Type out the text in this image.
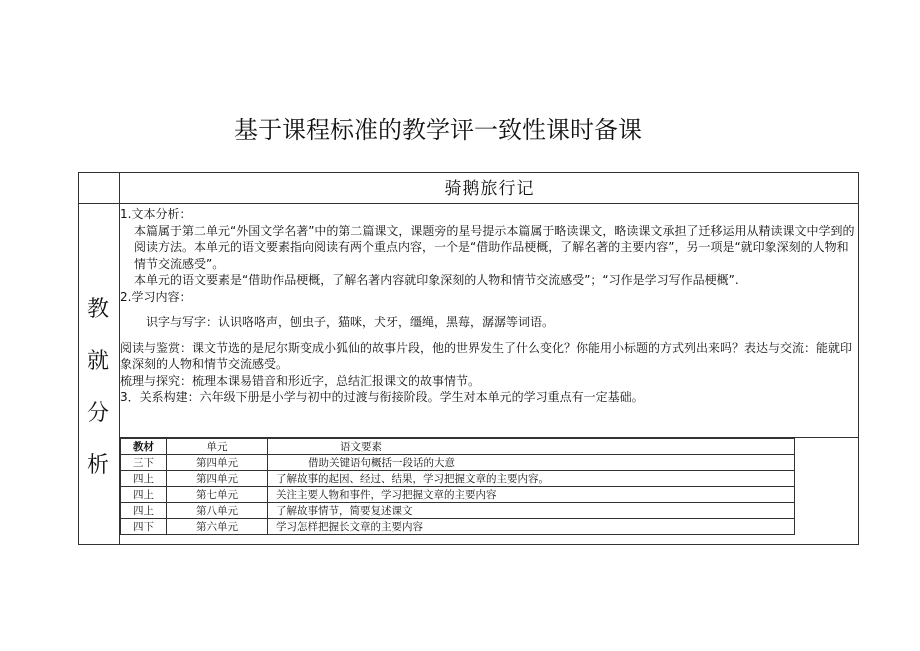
基于课程标准的教学评一致性课时备课
骑鹅旅行记
教
就
分
析

1.文本分析：

本篇属于第二单元“外国文学名著”中的第二篇课文，课题旁的星号提示本篇属于略读课文，略读课文承担了迁移运用从精读课文中学到的阅读方法。本单元的语文要素指向阅读有两个重点内容，一个是“借助作品梗概，了解名著的主要内容”，另一项是“就印象深刻的人物和情节交流感受”。

本单元的语文要素是“借助作品梗概，了解名著内容就印象深刻的人物和情节交流感受”；“习作是学习写作品梗概”.

2.学习内容：

识字与写字：认识咯咯声，刨虫子，猫咪，犬牙，缰绳，黑莓，潺潺等词语。

阅读与鉴赏：课文节选的是尼尔斯变成小狐仙的故事片段，他的世界发生了什么变化？你能用小标题的方式列出来吗？表达与交流：能就印象深刻的人物和情节交流感受。

梳理与探究：梳理本课易错音和形近字，总结汇报课文的故事情节。

3．关系构建：六年级下册是小学与初中的过渡与衔接阶段。学生对本单元的学习重点有一定基础。

教材	单元	语文要素
三下	第四单元	借助关键语句概括一段话的大意
四上	第四单元	了解故事的起因、经过、结果，学习把握文章的主要内容。
四上	第七单元	关注主要人物和事件，学习把握文章的主要内容
四上	第八单元	了解故事情节，简要复述课文
四下	第六单元	学习怎样把握长文章的主要内容
